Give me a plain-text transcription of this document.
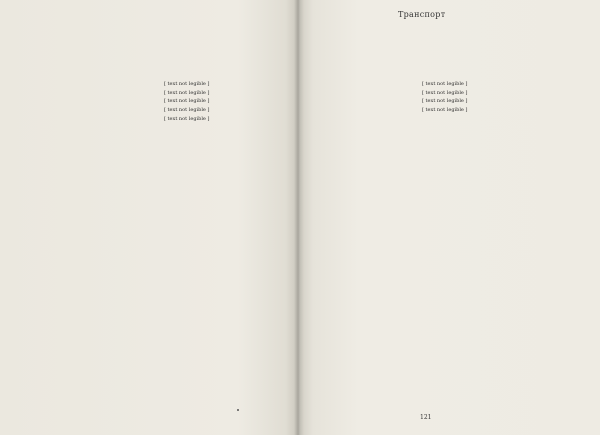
[ text not legible ]

[ text not legible ]

[ text not legible ]

[ text not legible ]

[ text not legible ]

Транспорт

[ text not legible ]

[ text not legible ]

[ text not legible ]

[ text not legible ]

121
